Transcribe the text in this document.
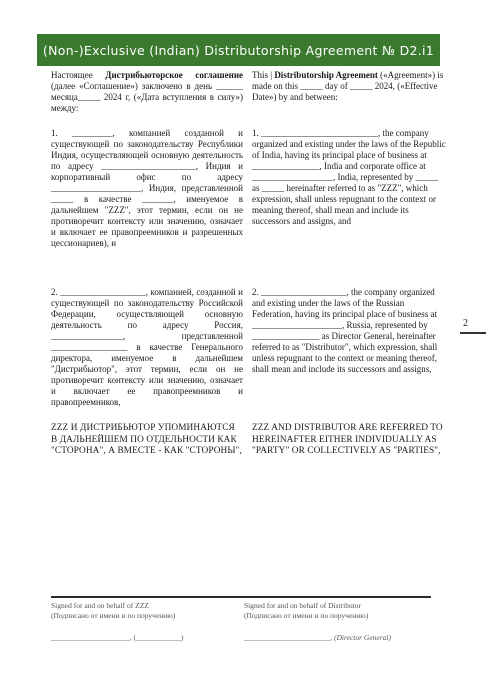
(Non-)Exclusive (Indian) Distributorship Agreement № D2.i1

Настоящее Дистрибьюторское соглашение (далее «Соглашение») заключено в день ______ месяца_____ 2024 г, («Дата вступления в силу») между:

This | Distributorship Agreement («Agreement») is made on this _____ day of _____ 2024, («Effective Date») by and between:

1. _________, компанией созданной и существующей по законодательству Республики Индия, осуществляющей основную деятельность по адресу _____________________, Индия и корпоративный офис по адресу ____________________, Индия, представленной _____ в качестве _______, именуемое в дальнейшем "ZZZ", этот термин, если он не противоречит контексту или значению, означает и включает ее правопреемников и разрешенных цессионариев), и

1. __________________________, the company organized and existing under the laws of the Republic of India, having its principal place of business at _______________, India and corporate office at __________________, India, represented by _____ as _____ hereinafter referred to as "ZZZ", which expression, shall unless repugnant to the context or meaning thereof, shall mean and include its successors and assigns, and

2. ___________________, компанией, созданной и существующей по законодательству Российской Федерации, осуществляющей основную деятельность по адресу Россия, ________________, представленной _________________ в качестве Генерального директора, именуемое в дальнейшем "Дистрибьютор", этот термин, если он не противоречит контексту или значению, означает и включает ее правопреемников и правопреемников,

2. ___________________, the company organized and existing under the laws of the Russian Federation, having its principal place of business at ____________________, Russia, represented by _______________ as Director General, hereinafter referred to as "Distributor", which expression, shall unless repugnant to the context or meaning thereof, shall mean and include its successors and assigns,

ZZZ И ДИСТРИБЬЮТОР УПОМИНАЮТСЯ В ДАЛЬНЕЙШЕМ ПО ОТДЕЛЬНОСТИ КАК "СТОРОНА", А ВМЕСТЕ - КАК "СТОРОНЫ",

ZZZ AND DISTRIBUTOR ARE REFERRED TO HEREINAFTER EITHER INDIVIDUALLY AS "PARTY" OR COLLECTIVELY AS "PARTIES",

2
Signed for and on behalf of ZZZ
(Подписано от имени и по поручению)
_____________________, (____________)
Signed for and on behalf of Distributor
(Подписано от имени и по поручению)
_______________________, (Director General)
